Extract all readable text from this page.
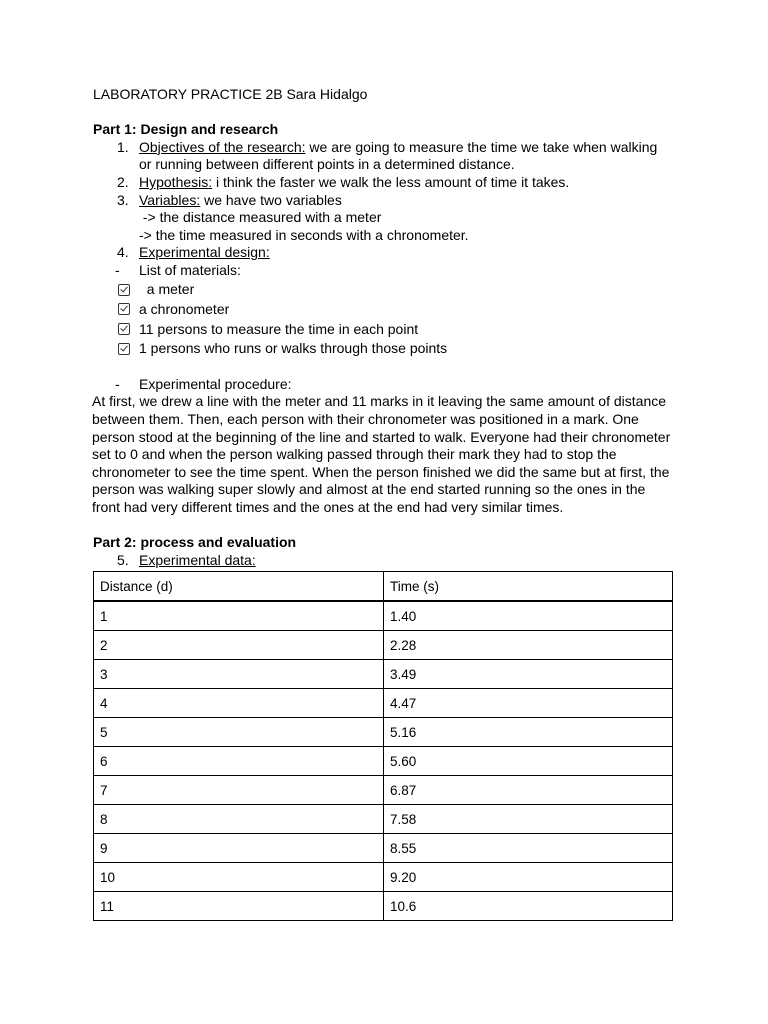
LABORATORY PRACTICE 2B Sara Hidalgo
Part 1: Design and research
1. Objectives of the research: we are going to measure the time we take when walking or running between different points in a determined distance.
2. Hypothesis: i think the faster we walk the less amount of time it takes.
3. Variables: we have two variables
-> the distance measured with a meter
-> the time measured in seconds with a chronometer.
4. Experimental design:
- List of materials:
a meter
a chronometer
11 persons to measure the time in each point
1 persons who runs or walks through those points
- Experimental procedure:
At first, we drew a line with the meter and 11 marks in it leaving the same amount of distance between them. Then, each person with their chronometer was positioned in a mark. One person stood at the beginning of the line and started to walk. Everyone had their chronometer set to 0 and when the person walking passed through their mark they had to stop the chronometer to see the time spent. When the person finished we did the same but at first, the person was walking super slowly and almost at the end started running so the ones in the front had very different times and the ones at the end had very similar times.
Part 2: process and evaluation
5. Experimental data:
Distance (d)	Time (s)
1	1.40
2	2.28
3	3.49
4	4.47
5	5.16
6	5.60
7	6.87
8	7.58
9	8.55
10	9.20
11	10.6
